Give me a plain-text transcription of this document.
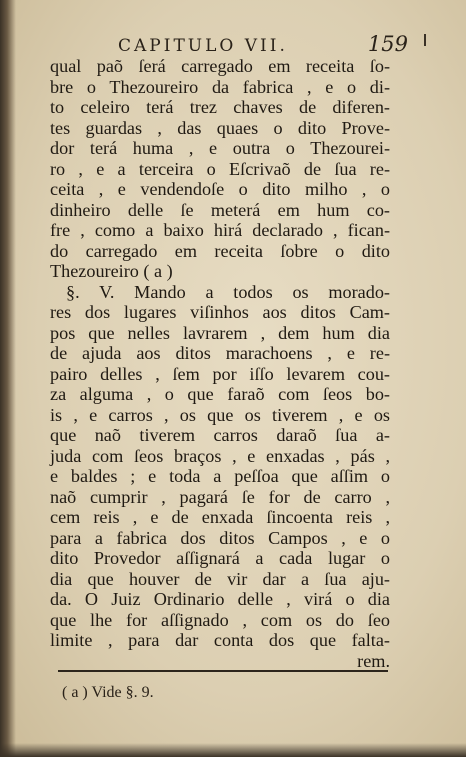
CAPITULO VII.	159
qual paõ ſerá carregado em receita ſo-
bre o Thezoureiro da fabrica , e o di-
to celeiro terá trez chaves de diferen-
tes guardas , das quaes o dito Prove-
dor terá huma , e outra o Thezourei-
ro , e a terceira o Eſcrivaõ de ſua re-
ceita , e vendendoſe o dito milho , o
dinheiro delle ſe meterá em hum co-
fre , como a baixo hirá declarado , fican-
do carregado em receita ſobre o dito
Thezoureiro ( a )
§. V. Mando a todos os morado-
res dos lugares viſinhos aos ditos Cam-
pos que nelles lavrarem , dem hum dia
de ajuda aos ditos marachoens , e re-
pairo delles , ſem por iſſo levarem cou-
za alguma , o que faraõ com ſeos bo-
is , e carros , os que os tiverem , e os
que naõ tiverem carros daraõ ſua a-
juda com ſeos braços , e enxadas , pás ,
e baldes ; e toda a peſſoa que aſſim o
naõ cumprir , pagará ſe for de carro ,
cem reis , e de enxada ſincoenta reis ,
para a fabrica dos ditos Campos , e o
dito Provedor aſſignará a cada lugar o
dia que houver de vir dar a ſua aju-
da. O Juiz Ordinario delle , virá o dia
que lhe for aſſignado , com os do ſeo
limite , para dar conta dos que falta-
rem.
( a ) Vide §. 9.
